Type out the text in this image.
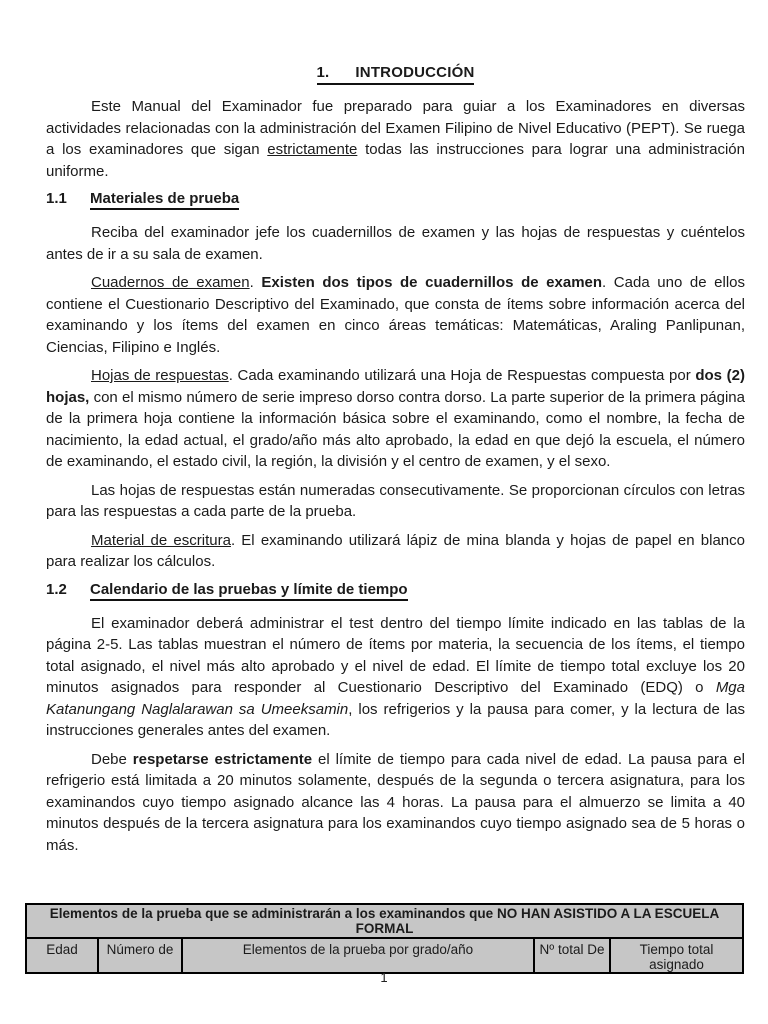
1. INTRODUCCIÓN

Este Manual del Examinador fue preparado para guiar a los Examinadores en diversas actividades relacionadas con la administración del Examen Filipino de Nivel Educativo (PEPT). Se ruega a los examinadores que sigan estrictamente todas las instrucciones para lograr una administración uniforme.

1.1 Materiales de prueba

Reciba del examinador jefe los cuadernillos de examen y las hojas de respuestas y cuéntelos antes de ir a su sala de examen.

Cuadernos de examen. Existen dos tipos de cuadernillos de examen. Cada uno de ellos contiene el Cuestionario Descriptivo del Examinado, que consta de ítems sobre información acerca del examinando y los ítems del examen en cinco áreas temáticas: Matemáticas, Araling Panlipunan, Ciencias, Filipino e Inglés.

Hojas de respuestas. Cada examinando utilizará una Hoja de Respuestas compuesta por dos (2) hojas, con el mismo número de serie impreso dorso contra dorso. La parte superior de la primera página de la primera hoja contiene la información básica sobre el examinando, como el nombre, la fecha de nacimiento, la edad actual, el grado/año más alto aprobado, la edad en que dejó la escuela, el número de examinando, el estado civil, la región, la división y el centro de examen, y el sexo.

Las hojas de respuestas están numeradas consecutivamente. Se proporcionan círculos con letras para las respuestas a cada parte de la prueba.

Material de escritura. El examinando utilizará lápiz de mina blanda y hojas de papel en blanco para realizar los cálculos.

1.2 Calendario de las pruebas y límite de tiempo

El examinador deberá administrar el test dentro del tiempo límite indicado en las tablas de la página 2-5. Las tablas muestran el número de ítems por materia, la secuencia de los ítems, el tiempo total asignado, el nivel más alto aprobado y el nivel de edad. El límite de tiempo total excluye los 20 minutos asignados para responder al Cuestionario Descriptivo del Examinado (EDQ) o Mga Katanungang Naglalarawan sa Umeeksamin, los refrigerios y la pausa para comer, y la lectura de las instrucciones generales antes del examen.

Debe respetarse estrictamente el límite de tiempo para cada nivel de edad. La pausa para el refrigerio está limitada a 20 minutos solamente, después de la segunda o tercera asignatura, para los examinandos cuyo tiempo asignado alcance las 4 horas. La pausa para el almuerzo se limita a 40 minutos después de la tercera asignatura para los examinandos cuyo tiempo asignado sea de 5 horas o más.

Elementos de la prueba que se administrarán a los examinandos que NO HAN ASISTIDO A LA ESCUELA FORMAL
Edad	Número de	Elementos de la prueba por grado/año	Nº total De	Tiempo total asignado
1
